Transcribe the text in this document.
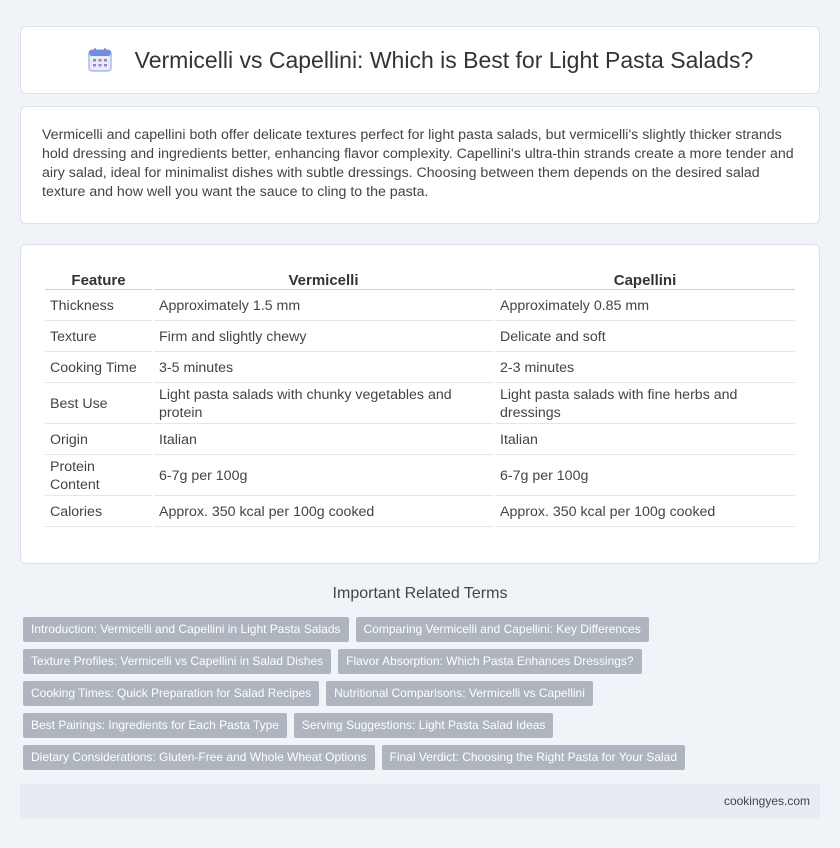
Vermicelli vs Capellini: Which is Best for Light Pasta Salads?

Vermicelli and capellini both offer delicate textures perfect for light pasta salads, but vermicelli's slightly thicker strands hold dressing and ingredients better, enhancing flavor complexity. Capellini's ultra-thin strands create a more tender and airy salad, ideal for minimalist dishes with subtle dressings. Choosing between them depends on the desired salad texture and how well you want the sauce to cling to the pasta.

Feature	Vermicelli	Capellini
Thickness	Approximately 1.5 mm	Approximately 0.85 mm
Texture	Firm and slightly chewy	Delicate and soft
Cooking Time	3-5 minutes	2-3 minutes
Best Use	Light pasta salads with chunky vegetables and protein	Light pasta salads with fine herbs and dressings
Origin	Italian	Italian
Protein Content	6-7g per 100g	6-7g per 100g
Calories	Approx. 350 kcal per 100g cooked	Approx. 350 kcal per 100g cooked
Important Related Terms
Introduction: Vermicelli and Capellini in Light Pasta Salads	Comparing Vermicelli and Capellini: Key Differences
Texture Profiles: Vermicelli vs Capellini in Salad Dishes	Flavor Absorption: Which Pasta Enhances Dressings?
Cooking Times: Quick Preparation for Salad Recipes	Nutritional Comparisons: Vermicelli vs Capellini
Best Pairings: Ingredients for Each Pasta Type	Serving Suggestions: Light Pasta Salad Ideas
Dietary Considerations: Gluten-Free and Whole Wheat Options	Final Verdict: Choosing the Right Pasta for Your Salad
cookingyes.com
